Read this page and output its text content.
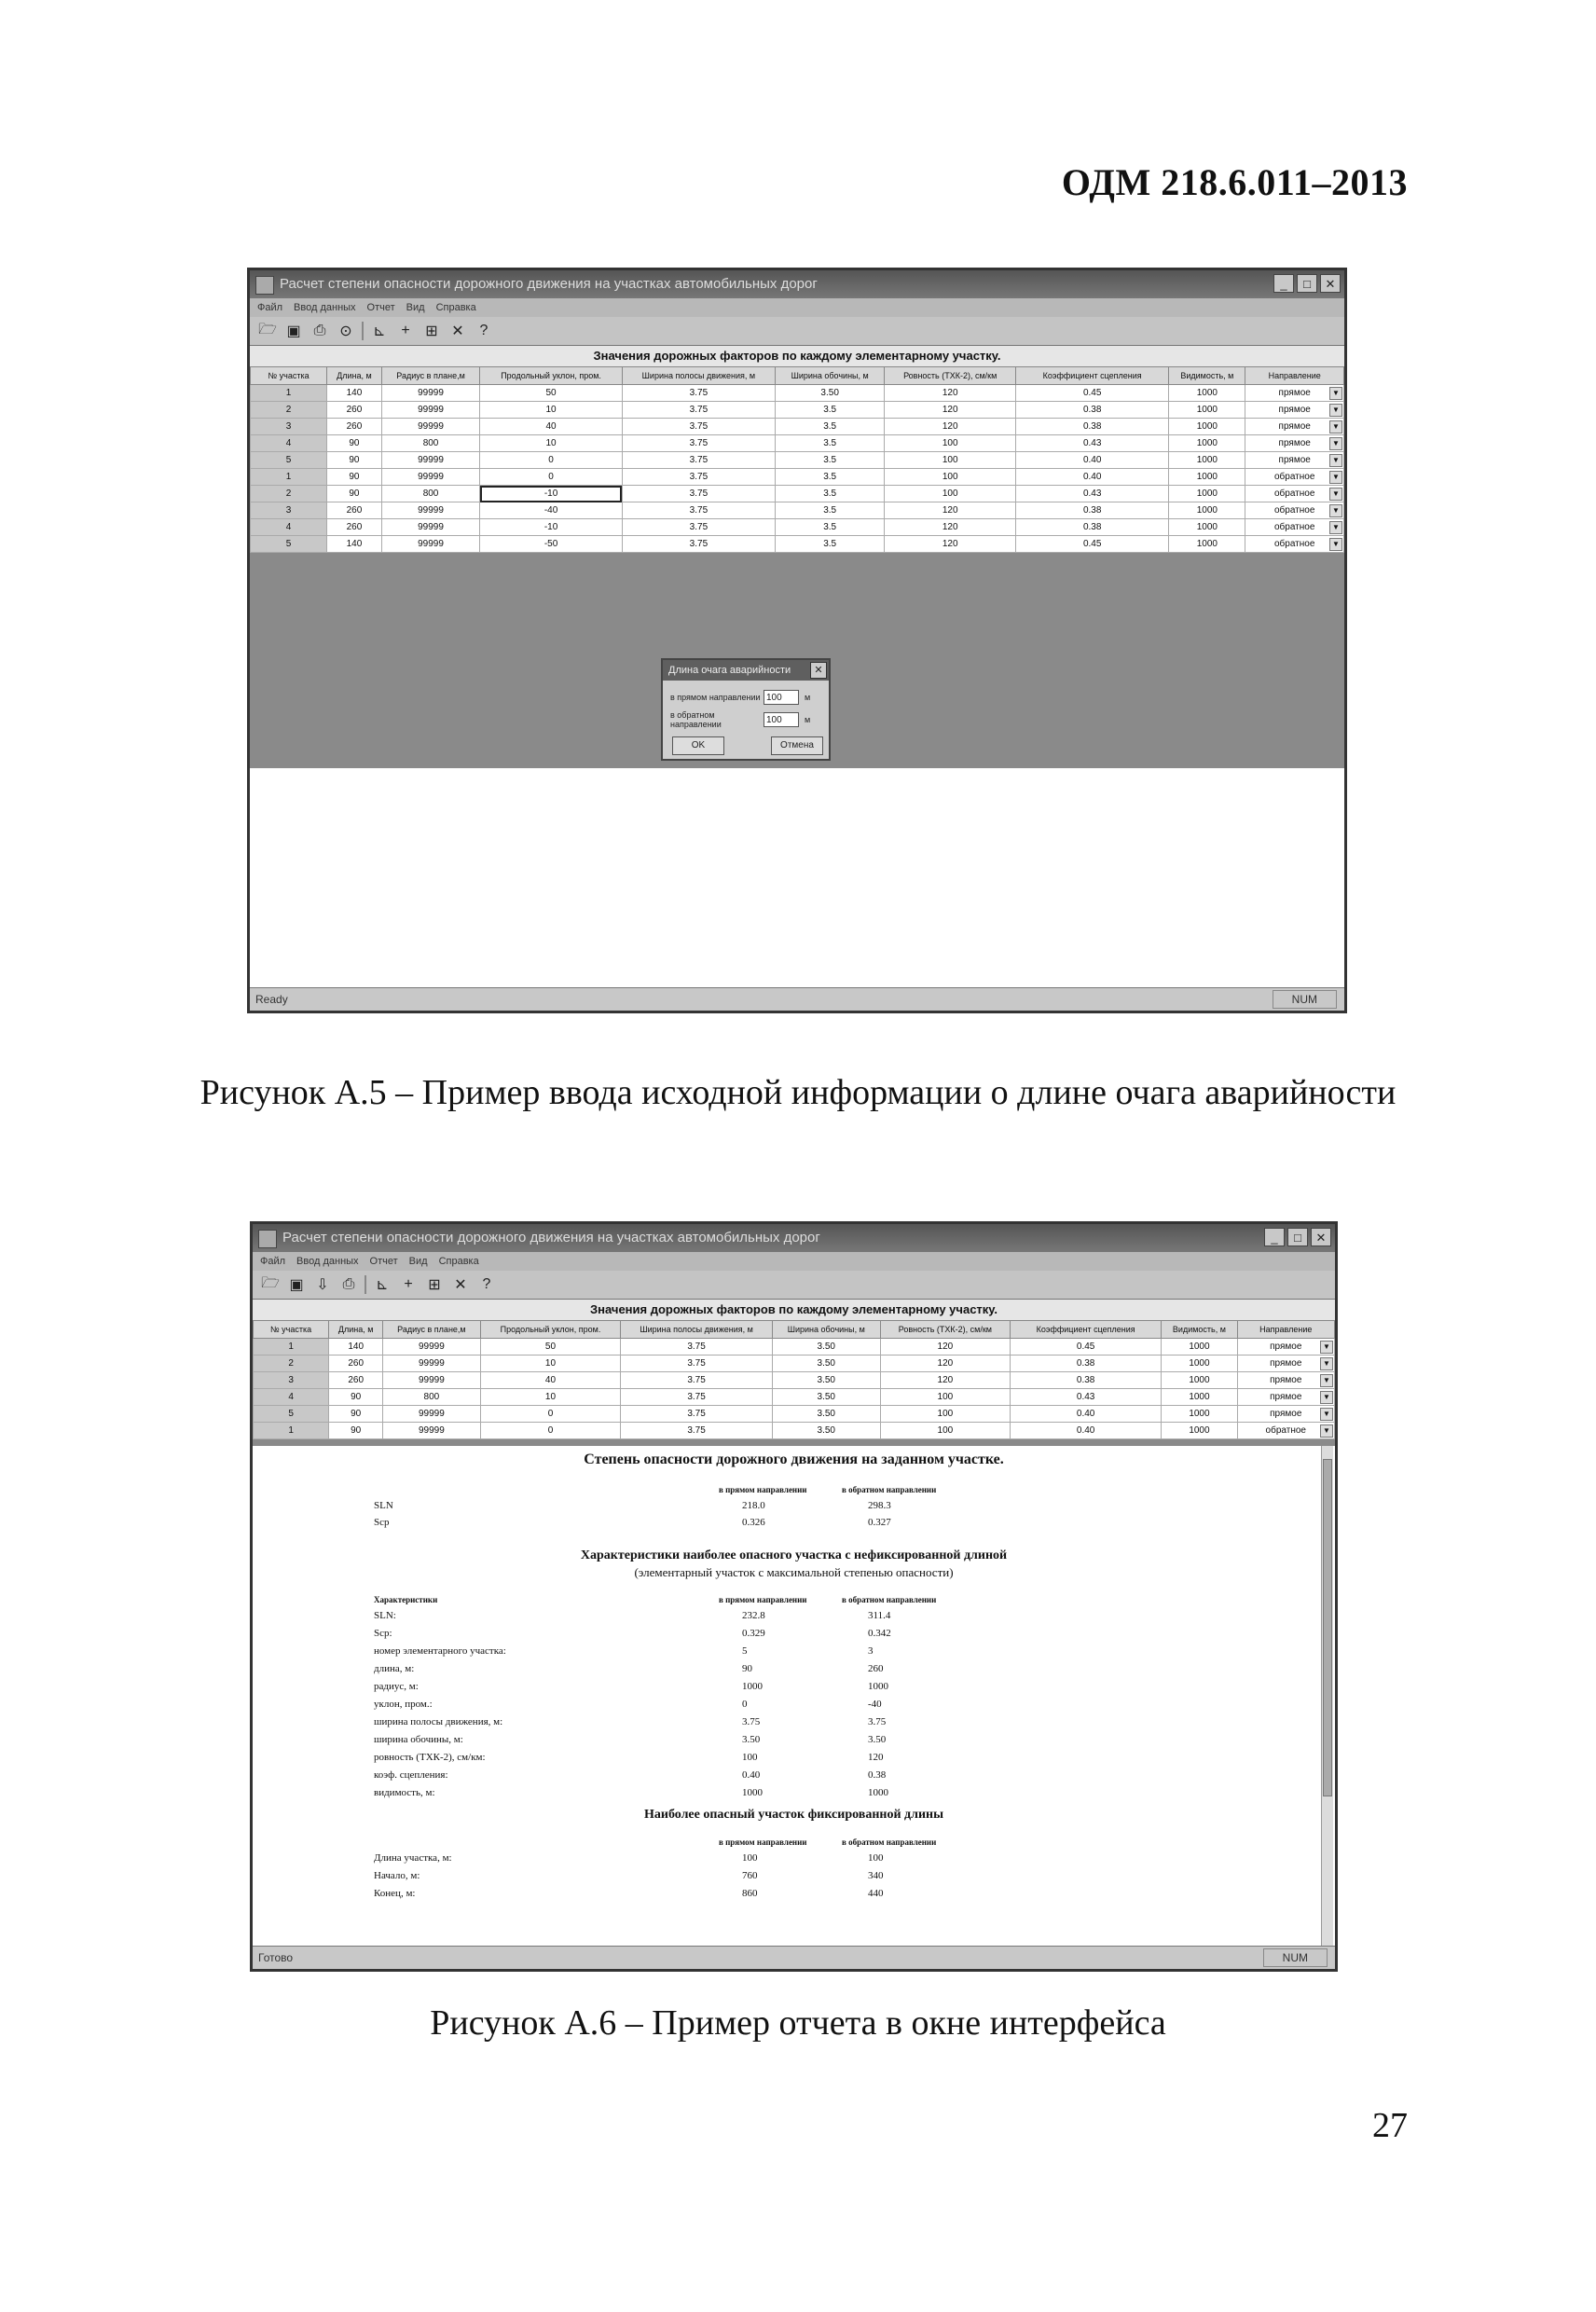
ОДМ 218.6.011–2013
Расчет степени опасности дорожного движения на участках автомобильных дорог	_	□	✕
Файл Ввод данных Отчет Вид Справка
🗁 ▣ ⎙ ⊙ ⊾	+	⊞ ✕	?
Значения дорожных факторов по каждому элементарному участку.
№ участка	Длина, м	Радиус в плане,м	Продольный уклон, пром.	Ширина полосы движения, м	Ширина обочины, м	Ровность (ТХК-2), см/км	Коэффициент сцепления	Видимость, м	Направление
1	140	99999	50	3.75	3.50	120	0.45	1000	прямое ▼

2	260	99999	10	3.75	3.5	120	0.38	1000	прямое ▼

3	260	99999	40	3.75	3.5	120	0.38	1000	прямое ▼

4	90	800	10	3.75	3.5	100	0.43	1000	прямое ▼

5	90	99999	0	3.75	3.5	100	0.40	1000	прямое ▼

1	90	99999	0	3.75	3.5	100	0.40	1000	обратное ▼

2	90	800	-10	3.75	3.5	100	0.43	1000	обратное ▼

3	260	99999	-40	3.75	3.5	120	0.38	1000	обратное ▼

4	260	99999	-10	3.75	3.5	120	0.38	1000	обратное ▼

5	140	99999	-50	3.75	3.5	120	0.45	1000	обратное ▼
Длина очага аварийности	✕
в прямом направлении 100	м
в обратном направлении	100	м
OK	Отмена
Ready	NUM
Рисунок А.5 – Пример ввода исходной информации о длине очага аварийности
Расчет степени опасности дорожного движения на участках автомобильных дорог	_	□	✕
Файл Ввод данных Отчет Вид Справка
🗁 ▣ ⇩ ⎙ ⊾	+	⊞ ✕	?
Значения дорожных факторов по каждому элементарному участку.
№ участка	Длина, м	Радиус в плане,м	Продольный уклон, пром.	Ширина полосы движения, м	Ширина обочины, м	Ровность (ТХК-2), см/км	Коэффициент сцепления	Видимость, м	Направление
1	140	99999	50	3.75	3.50	120	0.45	1000	прямое ▼

2	260	99999	10	3.75	3.50	120	0.38	1000	прямое ▼

3	260	99999	40	3.75	3.50	120	0.38	1000	прямое ▼

4	90	800	10	3.75	3.50	100	0.43	1000	прямое ▼

5	90	99999	0	3.75	3.50	100	0.40	1000	прямое ▼

1	90	99999	0	3.75	3.50	100	0.40	1000	обратное ▼
Степень опасности дорожного движения на заданном участке.
в прямом направлении	в обратном направлении
SLN	218.0	298.3
Scp	0.326	0.327
Характеристики наиболее опасного участка с нефиксированной длиной
(элементарный участок с максимальной степенью опасности)
Характеристики	в прямом направлении	в обратном направлении
SLN:	232.8	311.4
Scp:	0.329	0.342
номер элементарного участка:	5	3
длина, м:	90	260
радиус, м:	1000	1000
уклон, пром.:	0	-40
ширина полосы движения, м:	3.75	3.75
ширина обочины, м:	3.50	3.50
ровность (ТХК-2), см/км:	100	120
коэф. сцепления:	0.40	0.38
видимость, м:	1000	1000
Наиболее опасный участок фиксированной длины
в прямом направлении	в обратном направлении
Длина участка, м:	100	100
Начало, м:	760	340
Конец, м:	860	440
Готово	NUM
Рисунок А.6 – Пример отчета в окне интерфейса
27
